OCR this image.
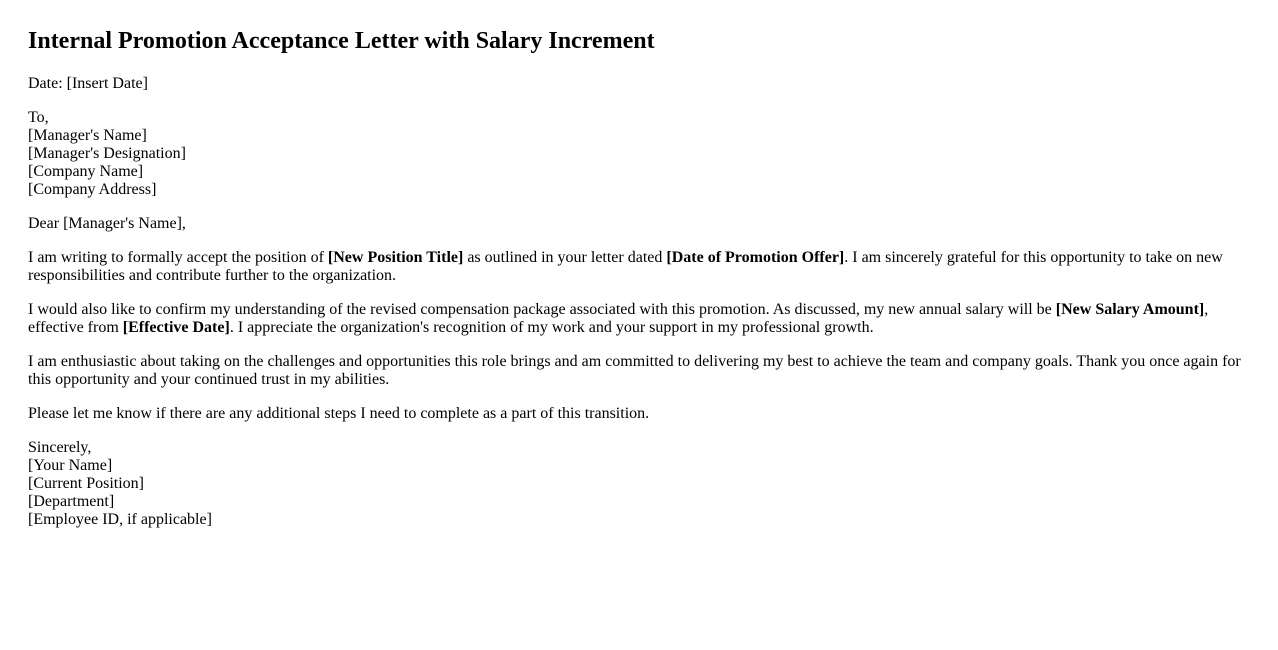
Internal Promotion Acceptance Letter with Salary Increment

Date: [Insert Date]

To,
[Manager's Name]
[Manager's Designation]
[Company Name]
[Company Address]

Dear [Manager's Name],

I am writing to formally accept the position of [New Position Title] as outlined in your letter dated [Date of Promotion Offer]. I am sincerely grateful for this opportunity to take on new responsibilities and contribute further to the organization.

I would also like to confirm my understanding of the revised compensation package associated with this promotion. As discussed, my new annual salary will be [New Salary Amount], effective from [Effective Date]. I appreciate the organization's recognition of my work and your support in my professional growth.

I am enthusiastic about taking on the challenges and opportunities this role brings and am committed to delivering my best to achieve the team and company goals. Thank you once again for this opportunity and your continued trust in my abilities.

Please let me know if there are any additional steps I need to complete as a part of this transition.

Sincerely,
[Your Name]
[Current Position]
[Department]
[Employee ID, if applicable]
